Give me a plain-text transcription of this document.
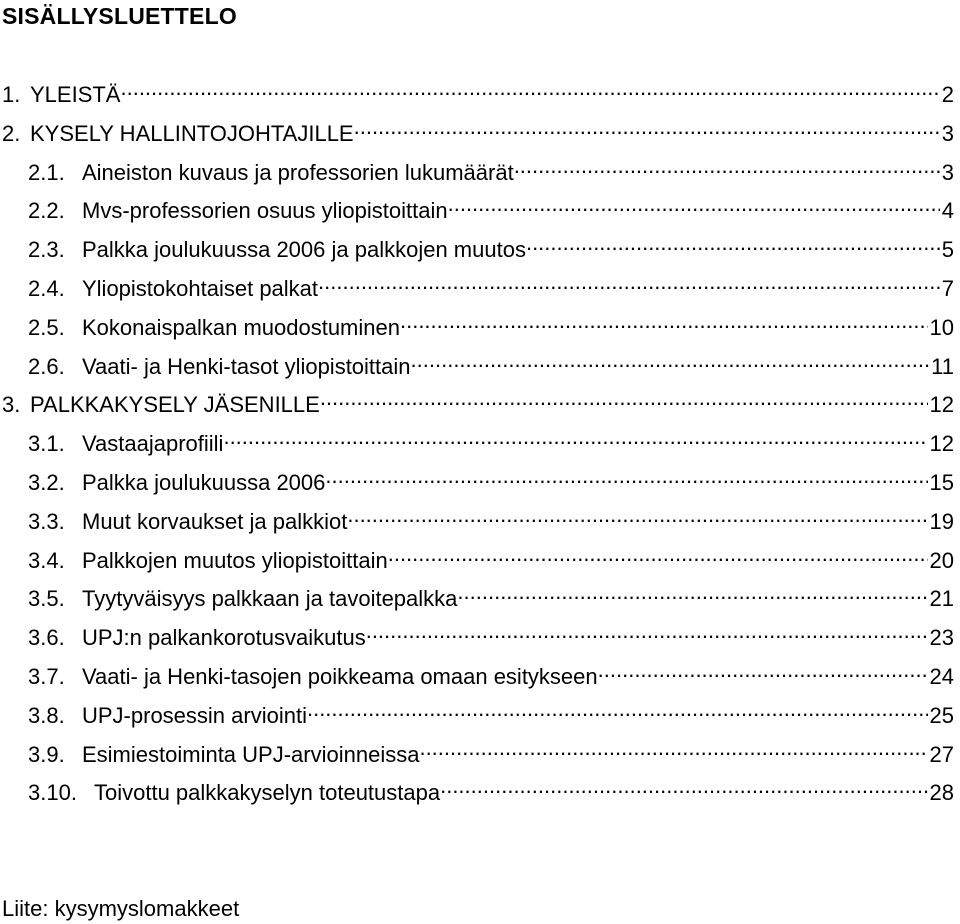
SISÄLLYSLUETTELO
1. YLEISTÄ .....	2
2. KYSELY HALLINTOJOHTAJILLE .....	3
2.1. Aineiston kuvaus ja professorien lukumäärät .....	3
2.2. Mvs-professorien osuus yliopistoittain .....	4
2.3. Palkka joulukuussa 2006 ja palkkojen muutos .....	5
2.4. Yliopistokohtaiset palkat .....	7
2.5. Kokonaispalkan muodostuminen .....	10
2.6. Vaati- ja Henki-tasot yliopistoittain .....	11
3. PALKKAKYSELY JÄSENILLE .....	12
3.1. Vastaajaprofiili .....	12
3.2. Palkka joulukuussa 2006 .....	15
3.3. Muut korvaukset ja palkkiot .....	19
3.4. Palkkojen muutos yliopistoittain .....	20
3.5. Tyytyväisyys palkkaan ja tavoitepalkka .....	21
3.6. UPJ:n palkankorotusvaikutus .....	23
3.7. Vaati- ja Henki-tasojen poikkeama omaan esitykseen .....	24
3.8. UPJ-prosessin arviointi .....	25
3.9. Esimiestoiminta UPJ-arvioinneissa .....	27
3.10. Toivottu palkkakyselyn toteutustapa .....	28
Liite: kysymyslomakkeet
